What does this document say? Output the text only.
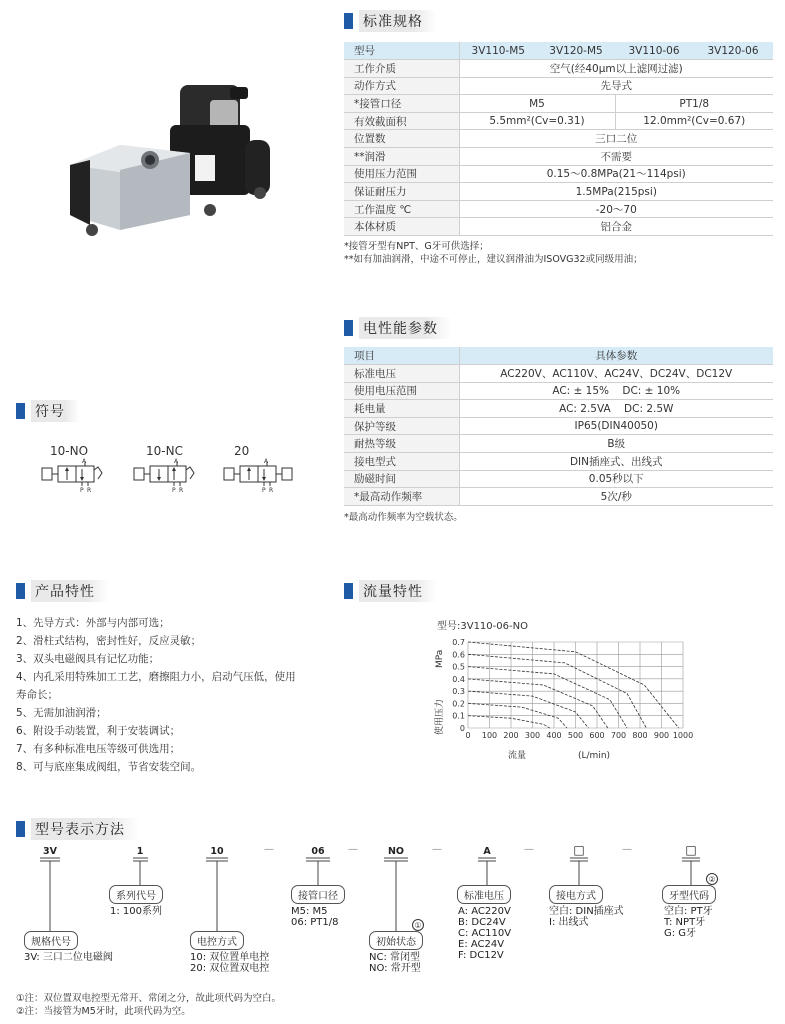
标准规格
型号	3V110-M5	3V120-M5	3V110-06	3V120-06
工作介质	空气(经40μm以上滤网过滤)			
动作方式	先导式			
*接管口径	M5		PT1/8	
有效截面积	5.5mm²(Cv=0.31)		12.0mm²(Cv=0.67)	
位置数	三口二位			
**润滑	不需要			
使用压力范围	0.15～0.8MPa(21～114psi)			
保证耐压力	1.5MPa(215psi)			
工作温度 ℃	-20～70			
本体材质	铝合金			
*接管牙型有NPT、G牙可供选择；
**如有加油润滑，中途不可停止，建议润滑油为ISOVG32或同级用油；
电性能参数
项目	具体参数
标准电压	AC220V、AC110V、AC24V、DC24V、DC12V
使用电压范围	AC: ± 15%    DC: ± 10%
耗电量	AC: 2.5VA    DC: 2.5W
保护等级	IP65(DIN40050)
耐热等级	B级
接电型式	DIN插座式、出线式
励磁时间	0.05秒以下
*最高动作频率	5次/秒
*最高动作频率为空载状态。
符号
10-NO	10-NC	20
A
P R
A
P R
A
P R
产品特性
1、先导方式：外部与内部可选；
2、滑柱式结构，密封性好，反应灵敏；
3、双头电磁阀具有记忆功能；
4、内孔采用特殊加工工艺，磨擦阻力小，启动气压低，使用
寿命长；
5、无需加油润滑；
6、附设手动装置，利于安装调试；
7、有多种标准电压等级可供选用；
8、可与底座集成阀组，节省安装空间。
流量特性
型号:3V110-06-NO
0 100 200 300 400 500 600 700 800 900 1000
0
0.1
0.2
0.3
0.4
0.5
0.6
0.7
流量	(L/min)
使用压力
MPa
型号表示方法
3V	1	10	06	NO	A	□	□
—	—	—	—	—
系列代号
1: 100系列
规格代号
3V: 三口二位电磁阀
电控方式
10: 双位置单电控
20: 双位置双电控
接管口径
M5: M5
06: PT1/8
初始状态
①
NC: 常闭型
NO: 常开型
标准电压
A: AC220V
B: DC24V
C: AC110V
E: AC24V
F: DC12V
接电方式
空白: DIN插座式
I: 出线式
牙型代码
②
空白: PT牙
T: NPT牙
G: G牙
①注：双位置双电控型无常开、常闭之分，故此项代码为空白。
②注：当接管为M5牙时，此项代码为空。
